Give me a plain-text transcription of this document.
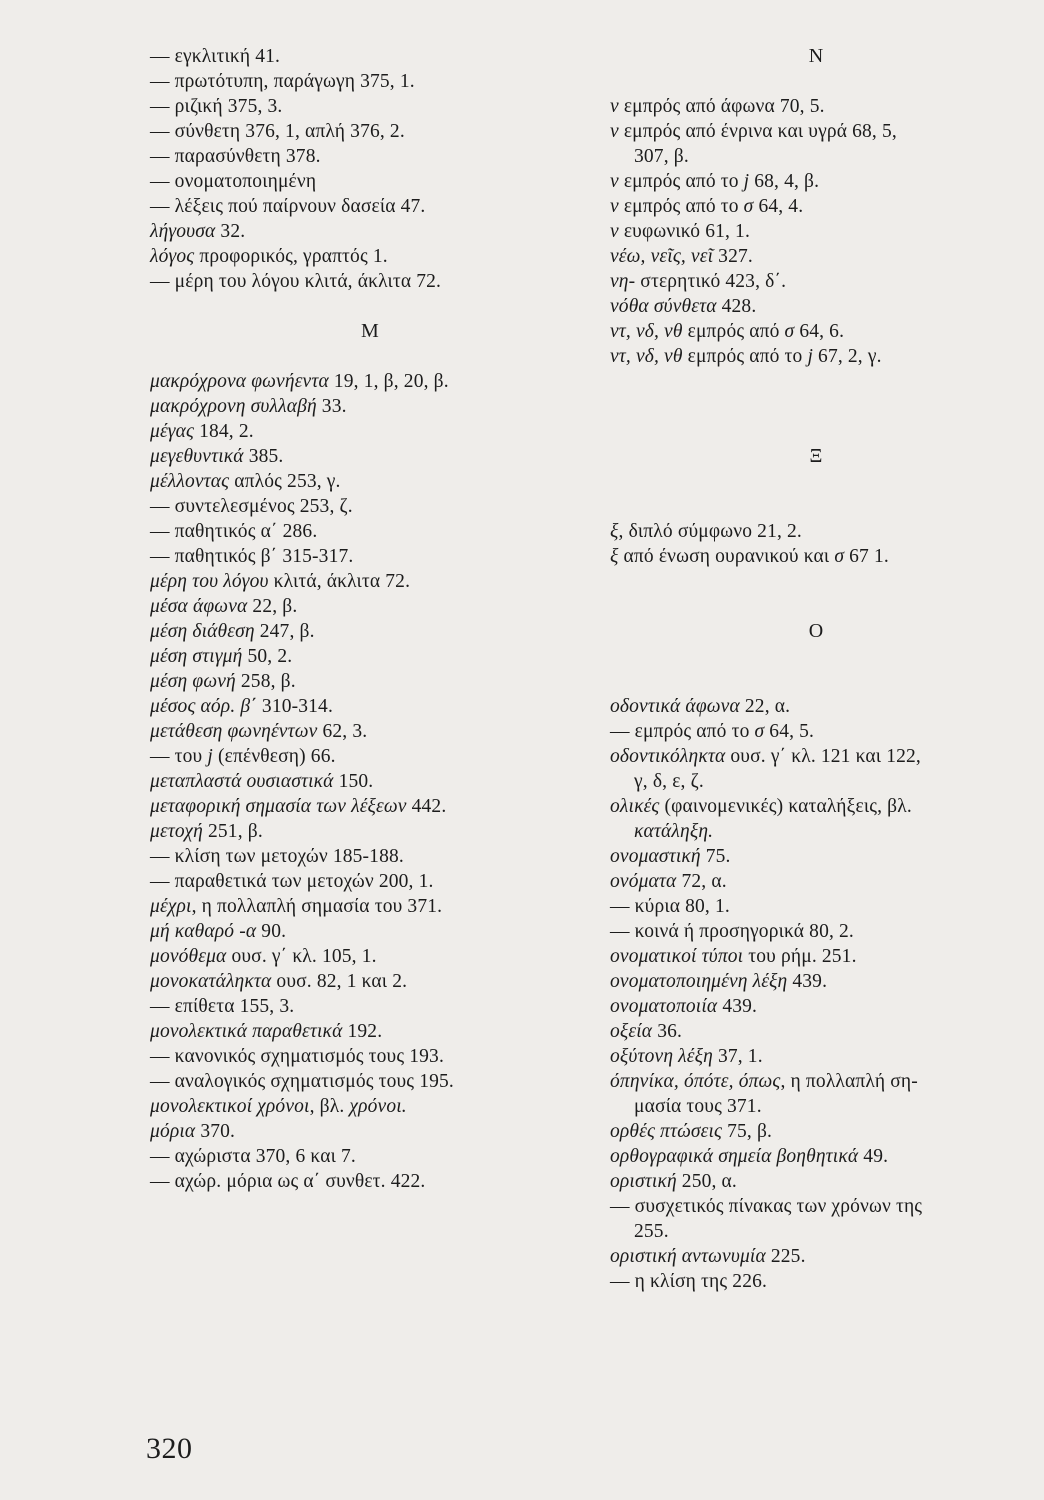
— εγκλιτική 41.
— πρωτότυπη, παράγωγη 375, 1.
— ριζική 375, 3.
— σύνθετη 376, 1, απλή 376, 2.
— παρασύνθετη 378.
— ονοματοποιημένη
— λέξεις πού παίρνουν δασεία 47.
λήγουσα 32.
λόγος προφορικός, γραπτός 1.
— μέρη του λόγου κλιτά, άκλιτα 72.
Μ
μακρόχρονα φωνήεντα 19, 1, β, 20, β.
μακρόχρονη συλλαβή 33.
μέγας 184, 2.
μεγεθυντικά 385.
μέλλοντας απλός 253, γ.
— συντελεσμένος 253, ζ.
— παθητικός α΄ 286.
— παθητικός β΄ 315-317.
μέρη του λόγου κλιτά, άκλιτα 72.
μέσα άφωνα 22, β.
μέση διάθεση 247, β.
μέση στιγμή 50, 2.
μέση φωνή 258, β.
μέσος αόρ. β΄ 310-314.
μετάθεση φωνηέντων 62, 3.
— του j (επένθεση) 66.
μεταπλαστά ουσιαστικά 150.
μεταφορική σημασία των λέξεων 442.
μετοχή 251, β.
— κλίση των μετοχών 185-188.
— παραθετικά των μετοχών 200, 1.
μέχρι, η πολλαπλή σημασία του 371.
μή καθαρό -α 90.
μονόθεμα ουσ. γ΄ κλ. 105, 1.
μονοκατάληκτα ουσ. 82, 1 και 2.
— επίθετα 155, 3.
μονολεκτικά παραθετικά 192.
— κανονικός σχηματισμός τους 193.
— αναλογικός σχηματισμός τους 195.
μονολεκτικοί χρόνοι, βλ. χρόνοι.
μόρια 370.
— αχώριστα 370, 6 και 7.
— αχώρ. μόρια ως α΄ συνθετ. 422.
Ν
ν εμπρός από άφωνα 70, 5.
ν εμπρός από ένρινα και υγρά 68, 5,
307, β.
ν εμπρός από το j 68, 4, β.
ν εμπρός από το σ 64, 4.
ν ευφωνικό 61, 1.
νέω, νεῖς, νεῖ 327.
νη- στερητικό 423, δ΄.
νόθα σύνθετα 428.
ντ, νδ, νθ εμπρός από σ 64, 6.
ντ, νδ, νθ εμπρός από το j 67, 2, γ.
Ξ
ξ, διπλό σύμφωνο 21, 2.
ξ από ένωση ουρανικού και σ 67 1.
Ο
οδοντικά άφωνα 22, α.
— εμπρός από το σ 64, 5.
οδοντικόληκτα ουσ. γ΄ κλ. 121 και 122,
γ, δ, ε, ζ.
ολικές (φαινομενικές) καταλήξεις, βλ.
κατάληξη.
ονομαστική 75.
ονόματα 72, α.
— κύρια 80, 1.
— κοινά ή προσηγορικά 80, 2.
ονοματικοί τύποι του ρήμ. 251.
ονοματοποιημένη λέξη 439.
ονοματοποιία 439.
οξεία 36.
οξύτονη λέξη 37, 1.
όπηνίκα, όπότε, όπως, η πολλαπλή ση-
μασία τους 371.
ορθές πτώσεις 75, β.
ορθογραφικά σημεία βοηθητικά 49.
οριστική 250, α.
— συσχετικός πίνακας των χρόνων της
255.
οριστική αντωνυμία 225.
— η κλίση της 226.
320
